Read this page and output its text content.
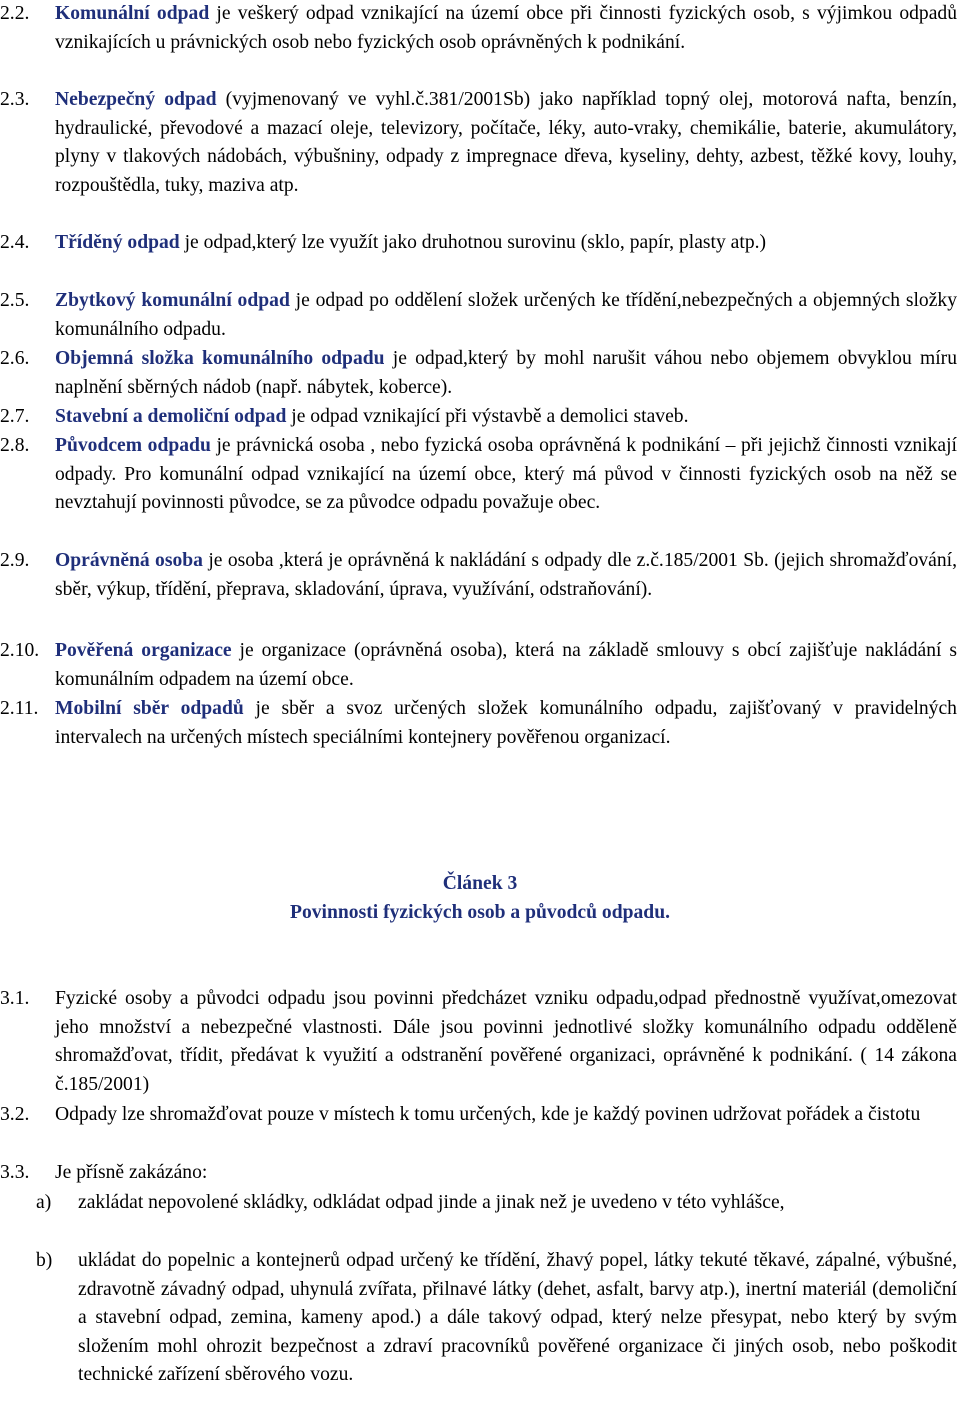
2.2. Komunální odpad je veškerý odpad vznikající na území obce při činnosti fyzických osob, s výjimkou odpadů vznikajících u právnických osob nebo fyzických osob oprávněných k podnikání.
2.3. Nebezpečný odpad (vyjmenovaný ve vyhl.č.381/2001Sb) jako například topný olej, motorová nafta, benzín, hydraulické, převodové a mazací oleje, televizory, počítače, léky, auto-vraky, chemikálie, baterie, akumulátory, plyny v tlakových nádobách, výbušniny, odpady z impregnace dřeva, kyseliny, dehty, azbest, těžké kovy, louhy, rozpouštědla, tuky, maziva atp.
2.4. Tříděný odpad je odpad,který lze využít jako druhotnou surovinu (sklo, papír, plasty atp.)
2.5. Zbytkový komunální odpad je odpad po oddělení složek určených ke třídění,nebezpečných a objemných složky komunálního odpadu.
2.6. Objemná složka komunálního odpadu je odpad,který by mohl narušit váhou nebo objemem obvyklou míru naplnění sběrných nádob (např. nábytek, koberce).
2.7. Stavební a demoliční odpad je odpad vznikající při výstavbě a demolici staveb.
2.8. Původcem odpadu je právnická osoba , nebo fyzická osoba oprávněná k podnikání – při jejichž činnosti vznikají odpady. Pro komunální odpad vznikající na území obce, který má původ v činnosti fyzických osob na něž se nevztahují povinnosti původce, se za původce odpadu považuje obec.
2.9. Oprávněná osoba je osoba ,která je oprávněná k nakládání s odpady dle z.č.185/2001 Sb. (jejich shromažďování, sběr, výkup, třídění, přeprava, skladování, úprava, využívání, odstraňování).
2.10. Pověřená organizace je organizace (oprávněná osoba), která na základě smlouvy s obcí zajišťuje nakládání s komunálním odpadem na území obce.
2.11. Mobilní sběr odpadů je sběr a svoz určených složek komunálního odpadu, zajišťovaný v pravidelných intervalech na určených místech speciálními kontejnery pověřenou organizací.
Článek 3
Povinnosti fyzických osob a původců odpadu.
3.1. Fyzické osoby a původci odpadu jsou povinni předcházet vzniku odpadu,odpad přednostně využívat,omezovat jeho množství a nebezpečné vlastnosti. Dále jsou povinni jednotlivé složky komunálního odpadu odděleně shromažďovat, třídit, předávat k využití a odstranění pověřené organizaci, oprávněné k podnikání. ( 14 zákona č.185/2001)
3.2. Odpady lze shromažďovat pouze v místech k tomu určených, kde je každý povinen udržovat pořádek a čistotu
3.3. Je přísně zakázáno:
a) zakládat nepovolené skládky, odkládat odpad jinde a jinak než je uvedeno v této vyhlášce,
b) ukládat do popelnic a kontejnerů odpad určený ke třídění, žhavý popel, látky tekuté těkavé, zápalné, výbušné, zdravotně závadný odpad, uhynulá zvířata, přilnavé látky (dehet, asfalt, barvy atp.), inertní materiál (demoliční a stavební odpad, zemina, kameny apod.) a dále takový odpad, který nelze přesypat, nebo který by svým složením mohl ohrozit bezpečnost a zdraví pracovníků pověřené organizace či jiných osob, nebo poškodit technické zařízení sběrového vozu.
